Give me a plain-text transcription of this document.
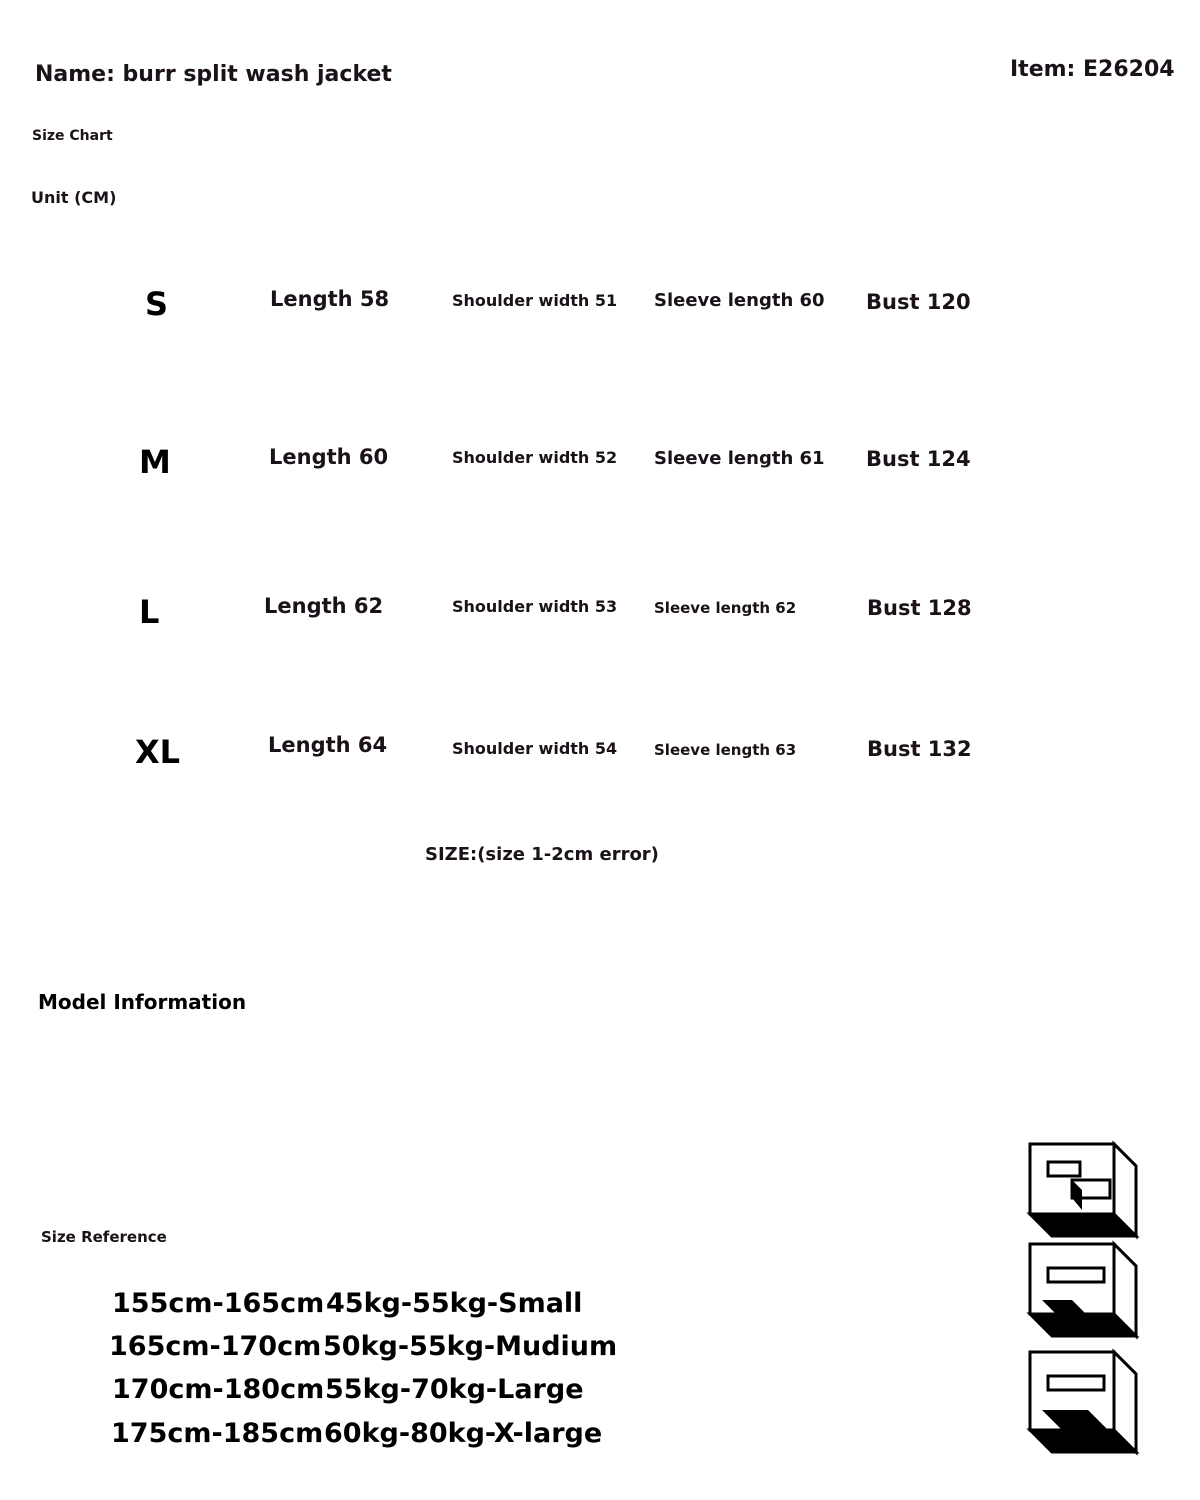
Name: burr split wash jacket	Item: E26204
Size Chart
Unit (CM)
S	Length 58	Shoulder width 51 Sleeve length 60 Bust 120
M	Length 60	Shoulder width 52 Sleeve length 61 Bust 124
L	Length 62	Shoulder width 53 Sleeve length 62	Bust 128
XL	Length 64	Shoulder width 54 Sleeve length 63	Bust 132
SIZE:(size 1-2cm error)
Model Information
Size Reference
155cm-165cm 45kg-55kg-Small
165cm-170cm 50kg-55kg-Mudium
170cm-180cm 55kg-70kg-Large
175cm-185cm 60kg-80kg-X-large
